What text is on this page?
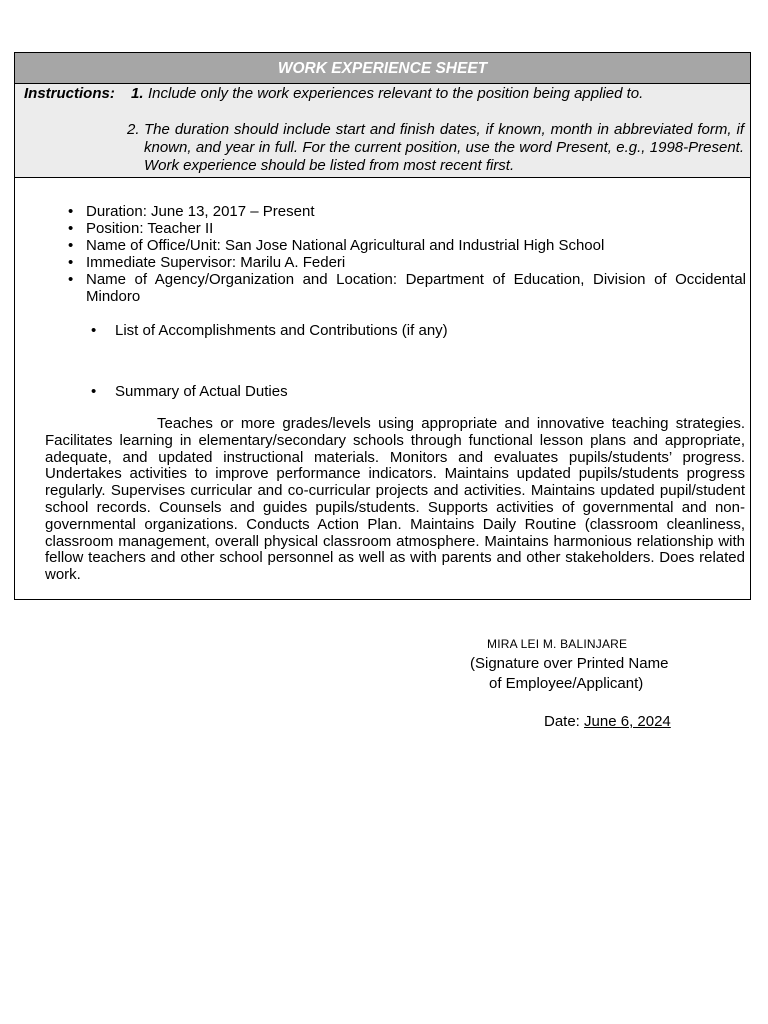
WORK EXPERIENCE SHEET
Instructions: 1. Include only the work experiences relevant to the position being applied to.
2. The duration should include start and finish dates, if known, month in abbreviated form, if known, and year in full. For the current position, use the word Present, e.g., 1998-Present. Work experience should be listed from most recent first.
• Duration: June 13, 2017 – Present
• Position: Teacher II
• Name of Office/Unit: San Jose National Agricultural and Industrial High School
• Immediate Supervisor: Marilu A. Federi
• Name of Agency/Organization and Location: Department of Education, Division of Occidental
Mindoro
• List of Accomplishments and Contributions (if any)
• Summary of Actual Duties
Teaches or more grades/levels using appropriate and innovative teaching strategies. Facilitates learning in elementary/secondary schools through functional lesson plans and appropriate, adequate, and updated instructional materials. Monitors and evaluates pupils/students’ progress. Undertakes activities to improve performance indicators. Maintains updated pupils/students progress regularly. Supervises curricular and co-curricular projects and activities. Maintains updated pupil/student school records. Counsels and guides pupils/students. Supports activities of governmental and non-governmental organizations. Conducts Action Plan. Maintains Daily Routine (classroom cleanliness, classroom management, overall physical classroom atmosphere. Maintains harmonious relationship with fellow teachers and other school personnel as well as with parents and other stakeholders. Does related work.
MIRA LEI M. BALINJARE
(Signature over Printed Name
of Employee/Applicant)
Date: June 6, 2024
